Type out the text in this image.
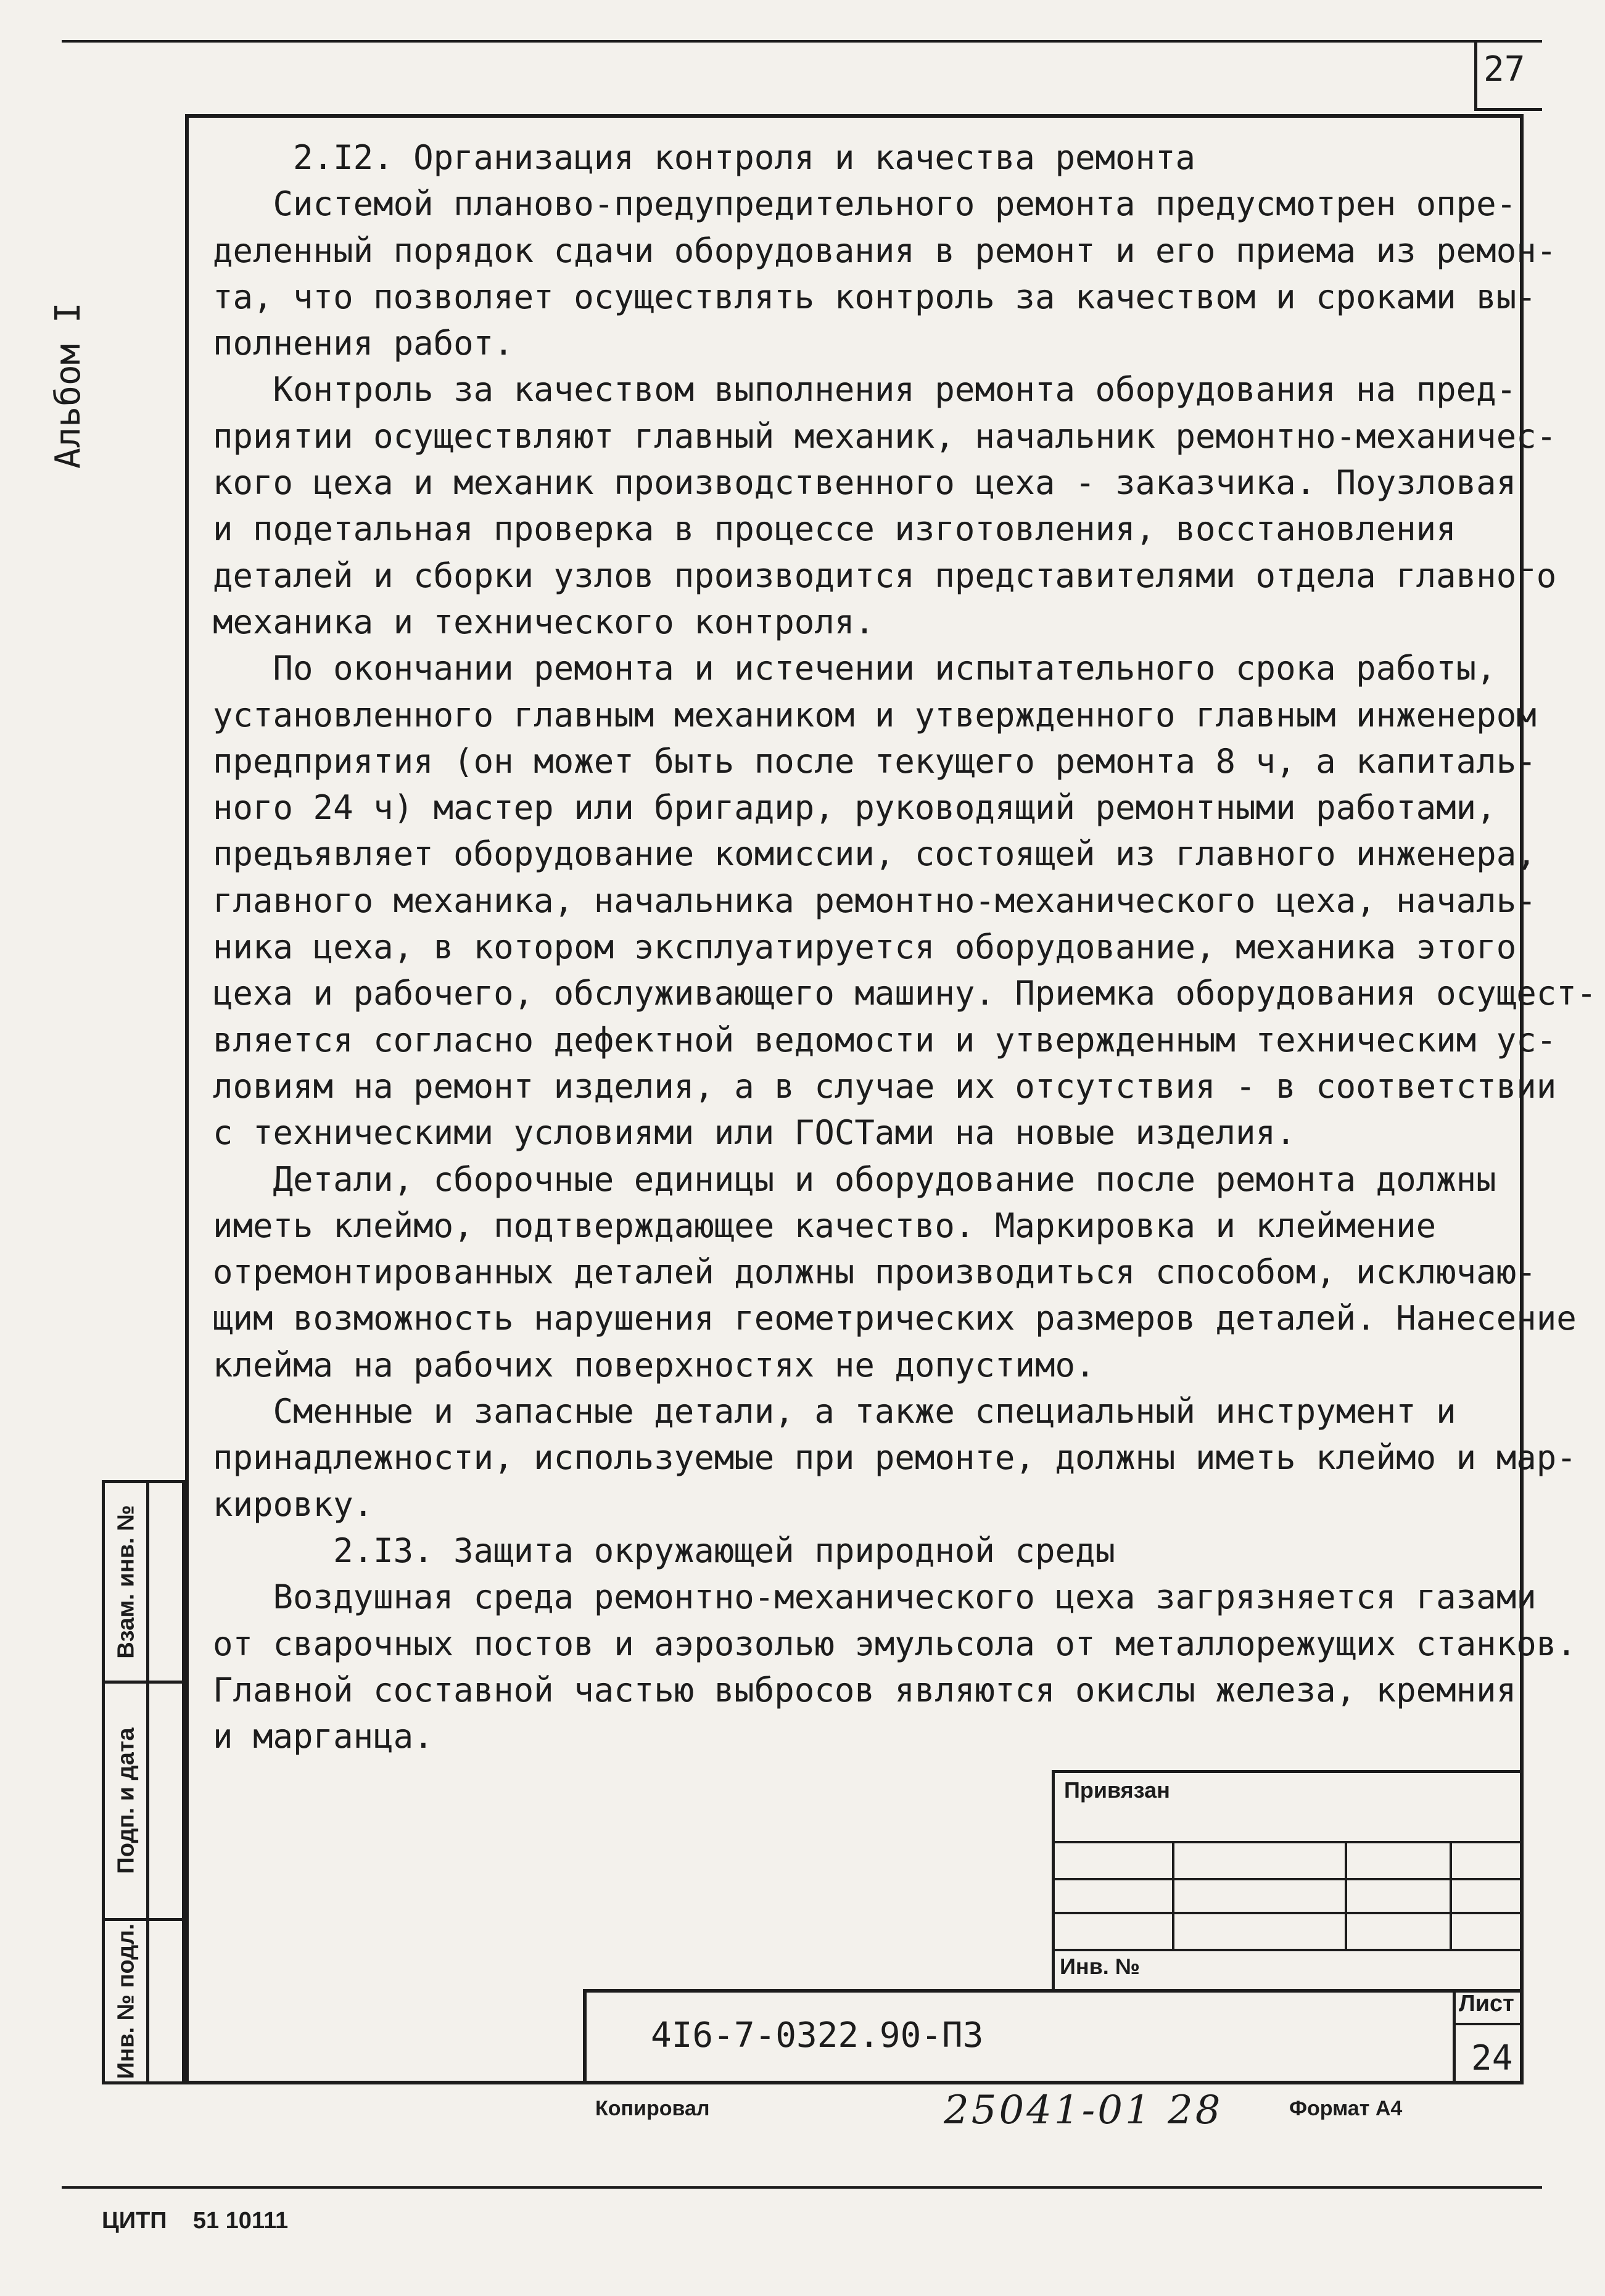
27
Альбом I
2.I2. Организация контроля и качества ремонта
Системой планово-предупредительного ремонта предусмотрен опре-
деленный порядок сдачи оборудования в ремонт и его приема из ремон-
та, что позволяет осуществлять контроль за качеством и сроками вы-
полнения работ.
Контроль за качеством выполнения ремонта оборудования на пред-
приятии осуществляют главный механик, начальник ремонтно-механичес-
кого цеха и механик производственного цеха - заказчика. Поузловая
и подетальная проверка в процессе изготовления, восстановления
деталей и сборки узлов производится представителями отдела главного
механика и технического контроля.
По окончании ремонта и истечении испытательного срока работы,
установленного главным механиком и утвержденного главным инженером
предприятия (он может быть после текущего ремонта 8 ч, а капиталь-
ного 24 ч) мастер или бригадир, руководящий ремонтными работами,
предъявляет оборудование комиссии, состоящей из главного инженера,
главного механика, начальника ремонтно-механического цеха, началь-
ника цеха, в котором эксплуатируется оборудование, механика этого
цеха и рабочего, обслуживающего машину. Приемка оборудования осущест-
вляется согласно дефектной ведомости и утвержденным техническим ус-
ловиям на ремонт изделия, а в случае их отсутствия - в соответствии
с техническими условиями или ГОСТами на новые изделия.
Детали, сборочные единицы и оборудование после ремонта должны
иметь клеймо, подтверждающее качество. Маркировка и клеймение
отремонтированных деталей должны производиться способом, исключаю-
щим возможность нарушения геометрических размеров деталей. Нанесение
клейма на рабочих поверхностях не допустимо.
Сменные и запасные детали, а также специальный инструмент и
принадлежности, используемые при ремонте, должны иметь клеймо и мар-
кировку.
2.I3. Защита окружающей природной среды
Воздушная среда ремонтно-механического цеха загрязняется газами
от сварочных постов и аэрозолью эмульсола от металлорежущих станков.
Главной составной частью выбросов являются окислы железа, кремния
и марганца.
Взам. инв. №
Подп. и дата
Инв. № подл.
Привязан
Инв. №
4I6-7-0322.90-ПЗ
Лист
24
Копировал	25041-01 28	Формат А4
ЦИТП    51 10111
